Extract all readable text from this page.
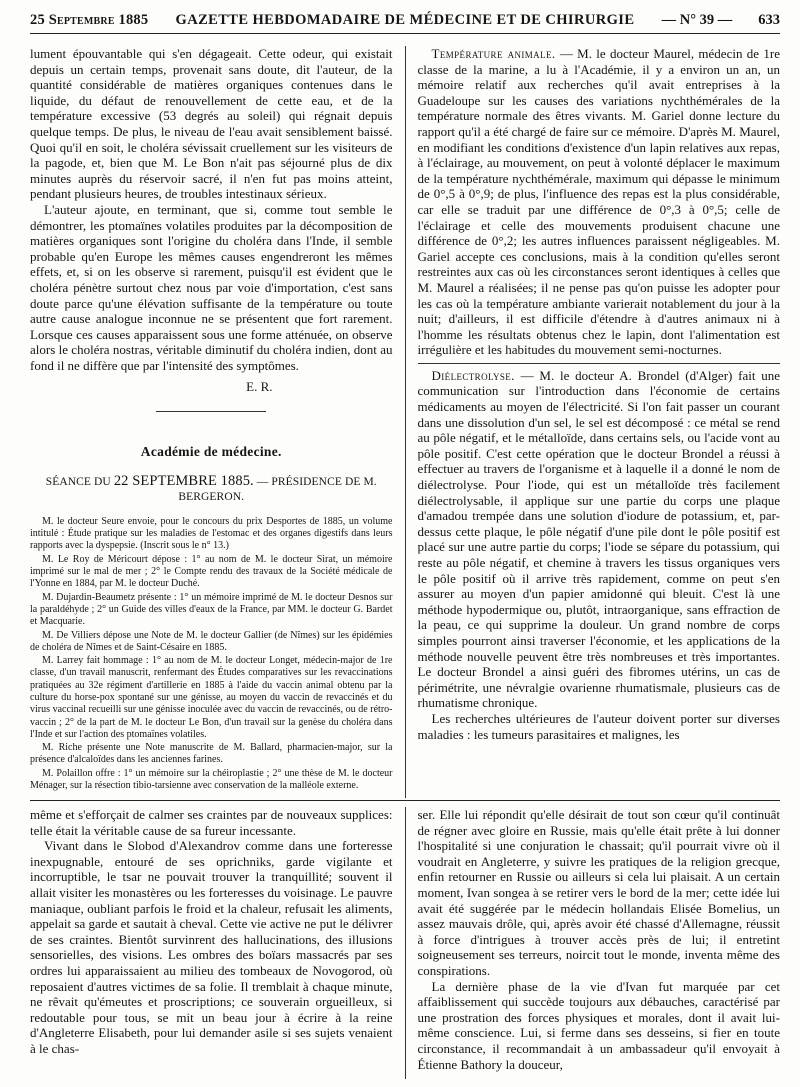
25 Septembre 1885 GAZETTE HEBDOMADAIRE DE MÉDECINE ET DE CHIRURGIE — N° 39 — 633

lument épouvantable qui s'en dégageait. Cette odeur, qui existait depuis un certain temps, provenait sans doute, dit l'auteur, de la quantité considérable de matières organiques contenues dans le liquide, du défaut de renouvellement de cette eau, et de la température excessive (53 degrés au soleil) qui régnait depuis quelque temps. De plus, le niveau de l'eau avait sensiblement baissé. Quoi qu'il en soit, le choléra sévissait cruellement sur les visiteurs de la pagode, et, bien que M. Le Bon n'ait pas séjourné plus de dix minutes auprès du réservoir sacré, il n'en fut pas moins atteint, pendant plusieurs heures, de troubles intestinaux sérieux.

L'auteur ajoute, en terminant, que si, comme tout semble le démontrer, les ptomaïnes volatiles produites par la décomposition de matières organiques sont l'origine du choléra dans l'Inde, il semble probable qu'en Europe les mêmes causes engendreront les mêmes effets, et, si on les observe si rarement, puisqu'il est évident que le choléra pénètre surtout chez nous par voie d'importation, c'est sans doute parce qu'une élévation suffisante de la température ou toute autre cause analogue inconnue ne se présentent que fort rarement. Lorsque ces causes apparaissent sous une forme atténuée, on observe alors le choléra nostras, véritable diminutif du choléra indien, dont au fond il ne diffère que par l'intensité des symptômes.

E. R.
Académie de médecine.
SÉANCE DU 22 SEPTEMBRE 1885. — PRÉSIDENCE DE M. BERGERON.

M. le docteur Seure envoie, pour le concours du prix Desportes de 1885, un volume intitulé : Étude pratique sur les maladies de l'estomac et des organes digestifs dans leurs rapports avec la dyspepsie. (Inscrit sous le n° 13.)

M. Le Roy de Méricourt dépose : 1° au nom de M. le docteur Sirat, un mémoire imprimé sur le mal de mer ; 2° le Compte rendu des travaux de la Société médicale de l'Yonne en 1884, par M. le docteur Duché.

M. Dujardin-Beaumetz présente : 1° un mémoire imprimé de M. le docteur Desnos sur la paraldéhyde ; 2° un Guide des villes d'eaux de la France, par MM. le docteur G. Bardet et Macquarie.

M. De Villiers dépose une Note de M. le docteur Gallier (de Nîmes) sur les épidémies de choléra de Nîmes et de Saint-Césaire en 1885.

M. Larrey fait hommage : 1° au nom de M. le docteur Longet, médecin-major de 1re classe, d'un travail manuscrit, renfermant des Études comparatives sur les revaccinations pratiquées au 32e régiment d'artillerie en 1885 à l'aide du vaccin animal obtenu par la culture du horse-pox spontané sur une génisse, au moyen du vaccin de revaccinés et du virus vaccinal recueilli sur une génisse inoculée avec du vaccin de revaccinés, ou de rétro-vaccin ; 2° de la part de M. le docteur Le Bon, d'un travail sur la genèse du choléra dans l'Inde et sur l'action des ptomaïnes volatiles.

M. Riche présente une Note manuscrite de M. Ballard, pharmacien-major, sur la présence d'alcaloïdes dans les anciennes farines.

M. Polaillon offre : 1° un mémoire sur la chéiroplastie ; 2° une thèse de M. le docteur Ménager, sur la résection tibio-tarsienne avec conservation de la malléole externe.

Température animale. — M. le docteur Maurel, médecin de 1re classe de la marine, a lu à l'Académie, il y a environ un an, un mémoire relatif aux recherches qu'il avait entreprises à la Guadeloupe sur les causes des variations nychthémérales de la température normale des êtres vivants. M. Gariel donne lecture du rapport qu'il a été chargé de faire sur ce mémoire. D'après M. Maurel, en modifiant les conditions d'existence d'un lapin relatives aux repas, à l'éclairage, au mouvement, on peut à volonté déplacer le maximum de la température nychthémérale, maximum qui dépasse le minimum de 0°,5 à 0°,9; de plus, l'influence des repas est la plus considérable, car elle se traduit par une différence de 0°,3 à 0°,5; celle de l'éclairage et celle des mouvements produisent chacune une différence de 0°,2; les autres influences paraissent négligeables. M. Gariel accepte ces conclusions, mais à la condition qu'elles seront restreintes aux cas où les circonstances seront identiques à celles que M. Maurel a réalisées; il ne pense pas qu'on puisse les adopter pour les cas où la température ambiante varierait notablement du jour à la nuit; d'ailleurs, il est difficile d'étendre à d'autres animaux ni à l'homme les résultats obtenus chez le lapin, dont l'alimentation est irrégulière et les habitudes du mouvement semi-nocturnes.

Diélectrolyse. — M. le docteur A. Brondel (d'Alger) fait une communication sur l'introduction dans l'économie de certains médicaments au moyen de l'électricité. Si l'on fait passer un courant dans une dissolution d'un sel, le sel est décomposé : ce métal se rend au pôle négatif, et le métalloïde, dans certains sels, ou l'acide vont au pôle positif. C'est cette opération que le docteur Brondel a réussi à effectuer au travers de l'organisme et à laquelle il a donné le nom de diélectrolyse. Pour l'iode, qui est un métalloïde très facilement diélectrolysable, il applique sur une partie du corps une plaque d'amadou trempée dans une solution d'iodure de potassium, et, par-dessus cette plaque, le pôle négatif d'une pile dont le pôle positif est placé sur une autre partie du corps; l'iode se sépare du potassium, qui reste au pôle négatif, et chemine à travers les tissus organiques vers le pôle positif où il arrive très rapidement, comme on peut s'en assurer au moyen d'un papier amidonné qui bleuit. C'est là une méthode hypodermique ou, plutôt, intraorganique, sans effraction de la peau, ce qui supprime la douleur. Un grand nombre de corps simples pourront ainsi traverser l'économie, et les applications de la méthode nouvelle peuvent être très nombreuses et très importantes. Le docteur Brondel a ainsi guéri des fibromes utérins, un cas de périmétrite, une névralgie ovarienne rhumatismale, plusieurs cas de rhumatisme chronique.

Les recherches ultérieures de l'auteur doivent porter sur diverses maladies : les tumeurs parasitaires et malignes, les

même et s'efforçait de calmer ses craintes par de nouveaux supplices: telle était la véritable cause de sa fureur incessante.

Vivant dans le Slobod d'Alexandrov comme dans une forteresse inexpugnable, entouré de ses oprichniks, garde vigilante et incorruptible, le tsar ne pouvait trouver la tranquillité; souvent il allait visiter les monastères ou les forteresses du voisinage. Le pauvre maniaque, oubliant parfois le froid et la chaleur, refusait les aliments, appelait sa garde et sautait à cheval. Cette vie active ne put le délivrer de ses craintes. Bientôt survinrent des hallucinations, des illusions sensorielles, des visions. Les ombres des boïars massacrés par ses ordres lui apparaissaient au milieu des tombeaux de Novogorod, où reposaient d'autres victimes de sa folie. Il tremblait à chaque minute, ne rêvait qu'émeutes et proscriptions; ce souverain orgueilleux, si redoutable pour tous, se mit un beau jour à écrire à la reine d'Angleterre Elisabeth, pour lui demander asile si ses sujets venaient à le chas-

ser. Elle lui répondit qu'elle désirait de tout son cœur qu'il continuât de régner avec gloire en Russie, mais qu'elle était prête à lui donner l'hospitalité si une conjuration le chassait; qu'il pourrait vivre où il voudrait en Angleterre, y suivre les pratiques de la religion grecque, enfin retourner en Russie ou ailleurs si cela lui plaisait. A un certain moment, Ivan songea à se retirer vers le bord de la mer; cette idée lui avait été suggérée par le médecin hollandais Elisée Bomelius, un assez mauvais drôle, qui, après avoir été chassé d'Allemagne, réussit à force d'intrigues à trouver accès près de lui; il entretint soigneusement ses terreurs, noircit tout le monde, inventa même des conspirations.

La dernière phase de la vie d'Ivan fut marquée par cet affaiblissement qui succède toujours aux débauches, caractérisé par une prostration des forces physiques et morales, dont il avait lui-même conscience. Lui, si ferme dans ses desseins, si fier en toute circonstance, il recommandait à un ambassadeur qu'il envoyait à Étienne Bathory la douceur,
